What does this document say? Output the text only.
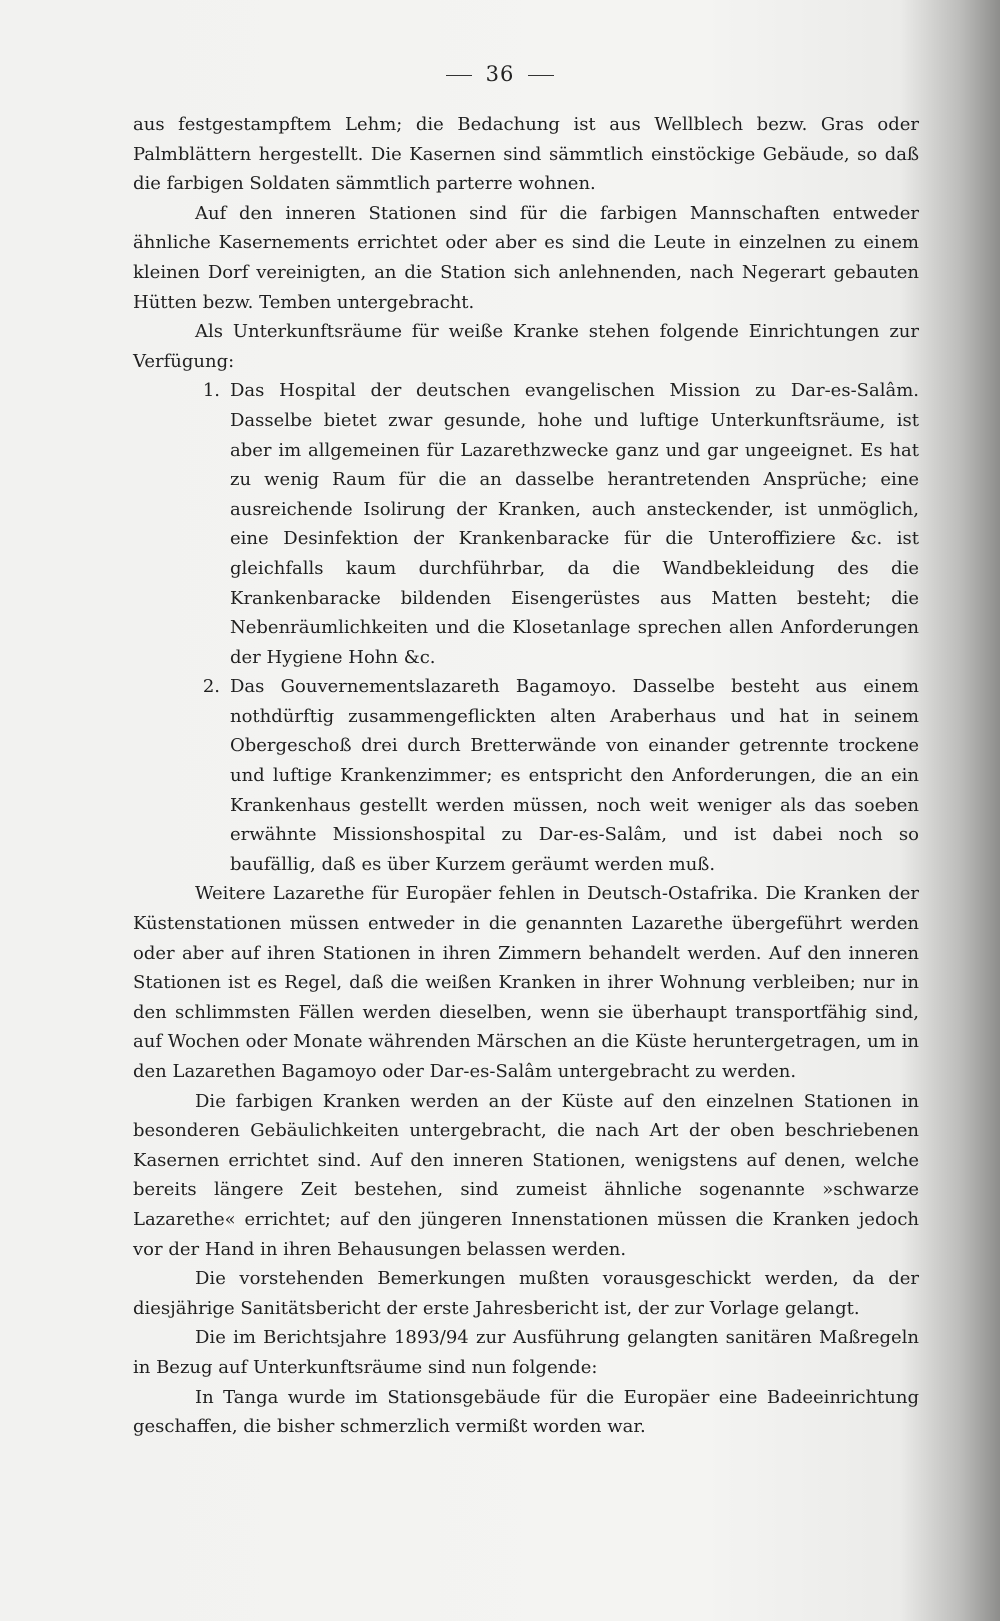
36

aus festgestampftem Lehm; die Bedachung ist aus Wellblech bezw. Gras oder Palmblättern hergestellt. Die Kasernen sind sämmtlich einstöckige Gebäude, so daß die farbigen Soldaten sämmtlich parterre wohnen.

Auf den inneren Stationen sind für die farbigen Mannschaften entweder ähnliche Kasernements errichtet oder aber es sind die Leute in einzelnen zu einem kleinen Dorf vereinigten, an die Station sich anlehnenden, nach Negerart gebauten Hütten bezw. Temben untergebracht.

Als Unterkunftsräume für weiße Kranke stehen folgende Einrichtungen zur Verfügung:

1. Das Hospital der deutschen evangelischen Mission zu Dar-es-Salâm. Dasselbe bietet zwar gesunde, hohe und luftige Unterkunftsräume, ist aber im allgemeinen für Lazarethzwecke ganz und gar ungeeignet. Es hat zu wenig Raum für die an dasselbe herantretenden Ansprüche; eine ausreichende Isolirung der Kranken, auch ansteckender, ist unmöglich, eine Desinfektion der Krankenbaracke für die Unteroffiziere &c. ist gleichfalls kaum durchführbar, da die Wandbekleidung des die Krankenbaracke bildenden Eisengerüstes aus Matten besteht; die Nebenräumlichkeiten und die Klosetanlage sprechen allen Anforderungen der Hygiene Hohn &c.
2. Das Gouvernementslazareth Bagamoyo. Dasselbe besteht aus einem nothdürftig zusammengeflickten alten Araberhaus und hat in seinem Obergeschoß drei durch Bretterwände von einander getrennte trockene und luftige Krankenzimmer; es entspricht den Anforderungen, die an ein Krankenhaus gestellt werden müssen, noch weit weniger als das soeben erwähnte Missionshospital zu Dar-es-Salâm, und ist dabei noch so baufällig, daß es über Kurzem geräumt werden muß.

Weitere Lazarethe für Europäer fehlen in Deutsch-Ostafrika. Die Kranken der Küstenstationen müssen entweder in die genannten Lazarethe übergeführt werden oder aber auf ihren Stationen in ihren Zimmern behandelt werden. Auf den inneren Stationen ist es Regel, daß die weißen Kranken in ihrer Wohnung verbleiben; nur in den schlimmsten Fällen werden dieselben, wenn sie überhaupt transportfähig sind, auf Wochen oder Monate währenden Märschen an die Küste heruntergetragen, um in den Lazarethen Bagamoyo oder Dar-es-Salâm untergebracht zu werden.

Die farbigen Kranken werden an der Küste auf den einzelnen Stationen in besonderen Gebäulichkeiten untergebracht, die nach Art der oben beschriebenen Kasernen errichtet sind. Auf den inneren Stationen, wenigstens auf denen, welche bereits längere Zeit bestehen, sind zumeist ähnliche sogenannte »schwarze Lazarethe« errichtet; auf den jüngeren Innenstationen müssen die Kranken jedoch vor der Hand in ihren Behausungen belassen werden.

Die vorstehenden Bemerkungen mußten vorausgeschickt werden, da der diesjährige Sanitätsbericht der erste Jahresbericht ist, der zur Vorlage gelangt.

Die im Berichtsjahre 1893/94 zur Ausführung gelangten sanitären Maßregeln in Bezug auf Unterkunftsräume sind nun folgende:

In Tanga wurde im Stationsgebäude für die Europäer eine Badeeinrichtung geschaffen, die bisher schmerzlich vermißt worden war.
